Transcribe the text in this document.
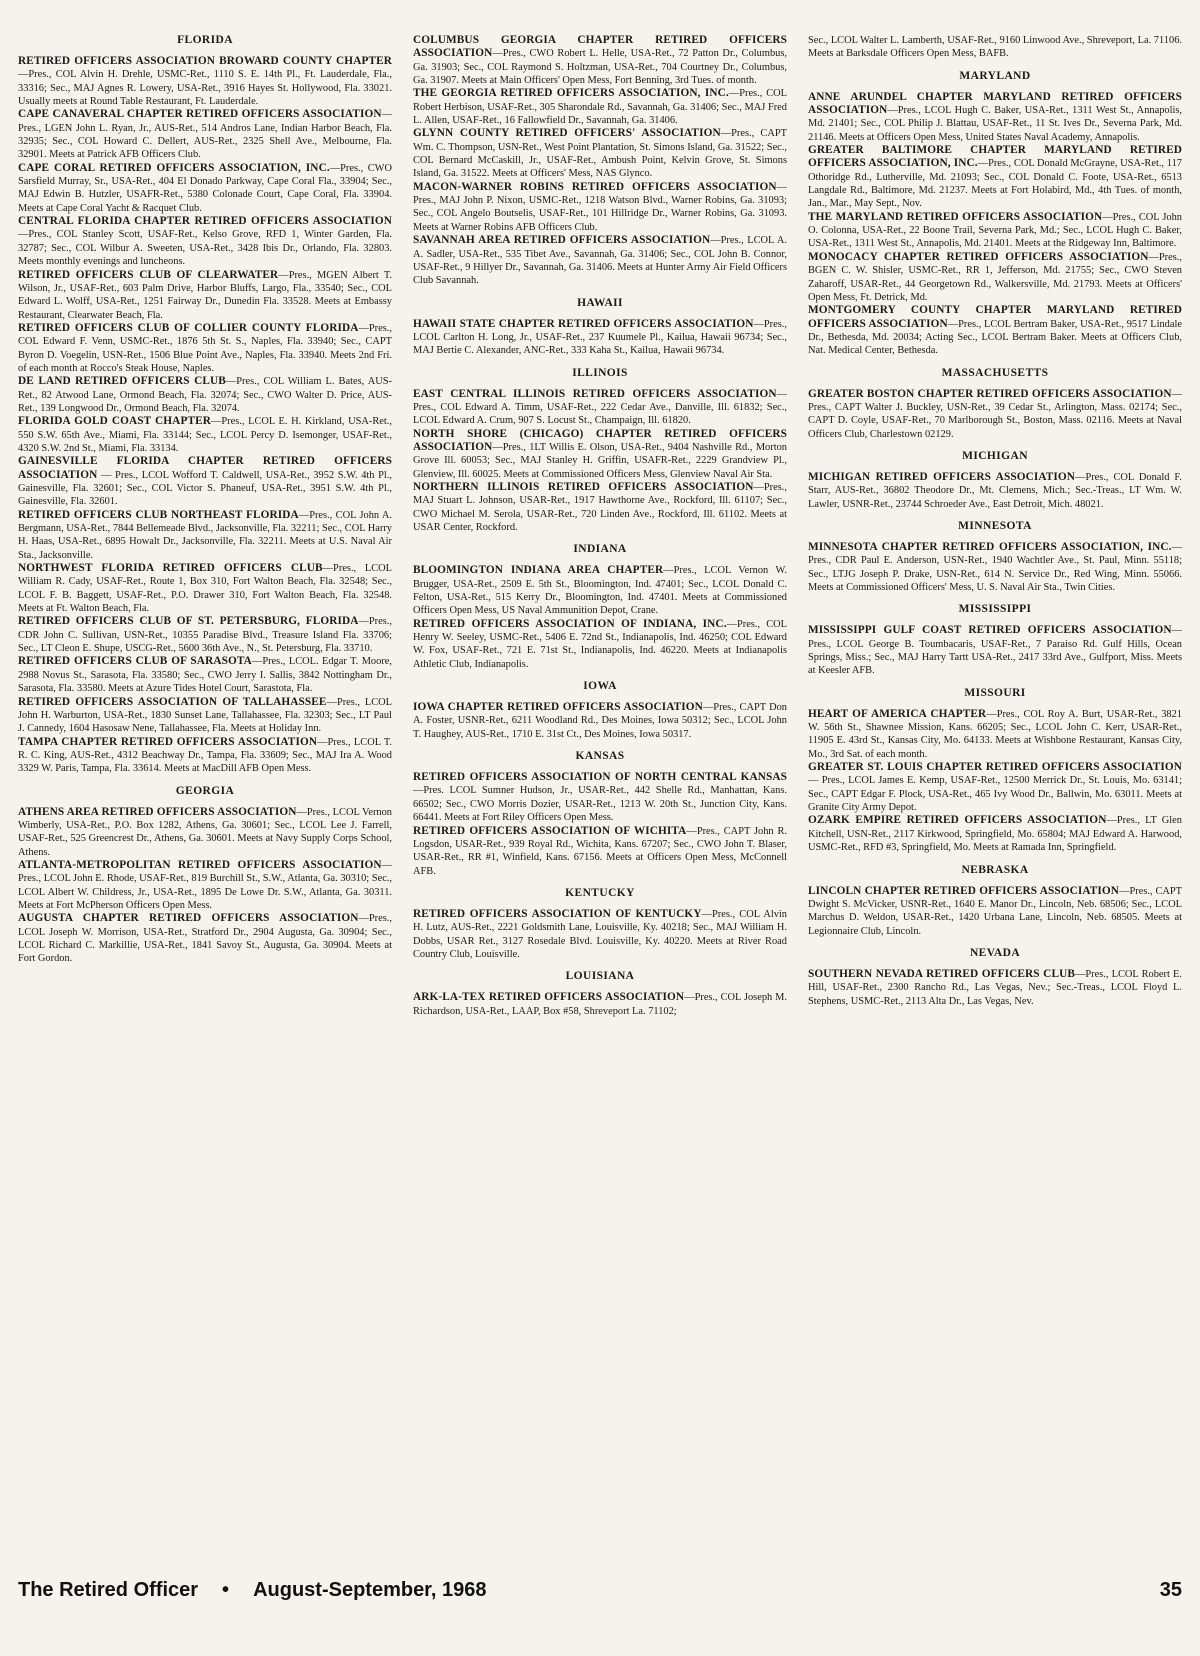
FLORIDA

RETIRED OFFICERS ASSOCIATION BROWARD COUNTY CHAPTER—Pres., COL Alvin H. Drehle, USMC-Ret., 1110 S. E. 14th Pl., Ft. Lauderdale, Fla., 33316; Sec., MAJ Agnes R. Lowery, USA-Ret., 3916 Hayes St. Hollywood, Fla. 33021. Usually meets at Round Table Restaurant, Ft. Lauderdale.

CAPE CANAVERAL CHAPTER RETIRED OFFICERS ASSOCIATION—Pres., LGEN John L. Ryan, Jr., AUS-Ret., 514 Andros Lane, Indian Harbor Beach, Fla. 32935; Sec., COL Howard C. Dellert, AUS-Ret., 2325 Shell Ave., Melbourne, Fla. 32901. Meets at Patrick AFB Officers Club.

CAPE CORAL RETIRED OFFICERS ASSOCIATION, INC.—Pres., CWO Sarsfield Murray, Sr., USA-Ret., 404 El Donado Parkway, Cape Coral Fla., 33904; Sec., MAJ Edwin B. Hutzler, USAFR-Ret., 5380 Colonade Court, Cape Coral, Fla. 33904. Meets at Cape Coral Yacht & Racquet Club.

CENTRAL FLORIDA CHAPTER RETIRED OFFICERS ASSOCIATION—Pres., COL Stanley Scott, USAF-Ret., Kelso Grove, RFD 1, Winter Garden, Fla. 32787; Sec., COL Wilbur A. Sweeten, USA-Ret., 3428 Ibis Dr., Orlando, Fla. 32803. Meets monthly evenings and luncheons.

RETIRED OFFICERS CLUB OF CLEARWATER—Pres., MGEN Albert T. Wilson, Jr., USAF-Ret., 603 Palm Drive, Harbor Bluffs, Largo, Fla., 33540; Sec., COL Edward L. Wolff, USA-Ret., 1251 Fairway Dr., Dunedin Fla. 33528. Meets at Embassy Restaurant, Clearwater Beach, Fla.

RETIRED OFFICERS CLUB OF COLLIER COUNTY FLORIDA—Pres., COL Edward F. Venn, USMC-Ret., 1876 5th St. S., Naples, Fla. 33940; Sec., CAPT Byron D. Voegelin, USN-Ret., 1506 Blue Point Ave., Naples, Fla. 33940. Meets 2nd Fri. of each month at Rocco's Steak House, Naples.

DE LAND RETIRED OFFICERS CLUB—Pres., COL William L. Bates, AUS-Ret., 82 Atwood Lane, Ormond Beach, Fla. 32074; Sec., CWO Walter D. Price, AUS-Ret., 139 Longwood Dr., Ormond Beach, Fla. 32074.

FLORIDA GOLD COAST CHAPTER—Pres., LCOL E. H. Kirkland, USA-Ret., 550 S.W. 65th Ave., Miami, Fla. 33144; Sec., LCOL Percy D. Isemonger, USAF-Ret., 4320 S.W. 2nd St., Miami, Fla. 33134.

GAINESVILLE FLORIDA CHAPTER RETIRED OFFICERS ASSOCIATION — Pres., LCOL Wofford T. Caldwell, USA-Ret., 3952 S.W. 4th Pl., Gainesville, Fla. 32601; Sec., COL Victor S. Phaneuf, USA-Ret., 3951 S.W. 4th Pl., Gainesville, Fla. 32601.

RETIRED OFFICERS CLUB NORTHEAST FLORIDA—Pres., COL John A. Bergmann, USA-Ret., 7844 Bellemeade Blvd., Jacksonville, Fla. 32211; Sec., COL Harry H. Haas, USA-Ret., 6895 Howalt Dr., Jacksonville, Fla. 32211. Meets at U.S. Naval Air Sta., Jacksonville.

NORTHWEST FLORIDA RETIRED OFFICERS CLUB—Pres., LCOL William R. Cady, USAF-Ret., Route 1, Box 310, Fort Walton Beach, Fla. 32548; Sec., LCOL F. B. Baggett, USAF-Ret., P.O. Drawer 310, Fort Walton Beach, Fla. 32548. Meets at Ft. Walton Beach, Fla.

RETIRED OFFICERS CLUB OF ST. PETERSBURG, FLORIDA—Pres., CDR John C. Sullivan, USN-Ret., 10355 Paradise Blvd., Treasure Island Fla. 33706; Sec., LT Cleon E. Shupe, USCG-Ret., 5600 36th Ave., N., St. Petersburg, Fla. 33710.

RETIRED OFFICERS CLUB OF SARASOTA—Pres., LCOL. Edgar T. Moore, 2988 Novus St., Sarasota, Fla. 33580; Sec., CWO Jerry I. Sallis, 3842 Nottingham Dr., Sarasota, Fla. 33580. Meets at Azure Tides Hotel Court, Sarastota, Fla.

RETIRED OFFICERS ASSOCIATION OF TALLAHASSEE—Pres., LCOL John H. Warburton, USA-Ret., 1830 Sunset Lane, Tallahassee, Fla. 32303; Sec., LT Paul J. Cannedy, 1604 Hasosaw Nene, Tallahassee, Fla. Meets at Holiday Inn.

TAMPA CHAPTER RETIRED OFFICERS ASSOCIATION—Pres., LCOL T. R. C. King, AUS-Ret., 4312 Beachway Dr., Tampa, Fla. 33609; Sec., MAJ Ira A. Wood 3329 W. Paris, Tampa, Fla. 33614. Meets at MacDill AFB Open Mess.

GEORGIA

ATHENS AREA RETIRED OFFICERS ASSOCIATION—Pres., LCOL Vernon Wimberly, USA-Ret., P.O. Box 1282, Athens, Ga. 30601; Sec., LCOL Lee J. Farrell, USAF-Ret., 525 Greencrest Dr., Athens, Ga. 30601. Meets at Navy Supply Corps School, Athens.

ATLANTA-METROPOLITAN RETIRED OFFICERS ASSOCIATION—Pres., LCOL John E. Rhode, USAF-Ret., 819 Burchill St., S.W., Atlanta, Ga. 30310; Sec., LCOL Albert W. Childress, Jr., USA-Ret., 1895 De Lowe Dr. S.W., Atlanta, Ga. 30311. Meets at Fort McPherson Officers Open Mess.

AUGUSTA CHAPTER RETIRED OFFICERS ASSOCIATION—Pres., LCOL Joseph W. Morrison, USA-Ret., Stratford Dr., 2904 Augusta, Ga. 30904; Sec., LCOL Richard C. Markillie, USA-Ret., 1841 Savoy St., Augusta, Ga. 30904. Meets at Fort Gordon.

COLUMBUS GEORGIA CHAPTER RETIRED OFFICERS ASSOCIATION—Pres., CWO Robert L. Helle, USA-Ret., 72 Patton Dr., Columbus, Ga. 31903; Sec., COL Raymond S. Holtzman, USA-Ret., 704 Courtney Dr., Columbus, Ga. 31907. Meets at Main Officers' Open Mess, Fort Benning, 3rd Tues. of month.

THE GEORGIA RETIRED OFFICERS ASSOCIATION, INC.—Pres., COL Robert Herbison, USAF-Ret., 305 Sharondale Rd., Savannah, Ga. 31406; Sec., MAJ Fred L. Allen, USAF-Ret., 16 Fallowfield Dr., Savannah, Ga. 31406.

GLYNN COUNTY RETIRED OFFICERS' ASSOCIATION—Pres., CAPT Wm. C. Thompson, USN-Ret., West Point Plantation, St. Simons Island, Ga. 31522; Sec., COL Bernard McCaskill, Jr., USAF-Ret., Ambush Point, Kelvin Grove, St. Simons Island, Ga. 31522. Meets at Officers' Mess, NAS Glynco.

MACON-WARNER ROBINS RETIRED OFFICERS ASSOCIATION—Pres., MAJ John P. Nixon, USMC-Ret., 1218 Watson Blvd., Warner Robins, Ga. 31093; Sec., COL Angelo Boutselis, USAF-Ret., 101 Hillridge Dr., Warner Robins, Ga. 31093. Meets at Warner Robins AFB Officers Club.

SAVANNAH AREA RETIRED OFFICERS ASSOCIATION—Pres., LCOL A. A. Sadler, USA-Ret., 535 Tibet Ave., Savannah, Ga. 31406; Sec., COL John B. Connor, USAF-Ret., 9 Hillyer Dr., Savannah, Ga. 31406. Meets at Hunter Army Air Field Officers Club Savannah.

HAWAII

HAWAII STATE CHAPTER RETIRED OFFICERS ASSOCIATION—Pres., LCOL Carlton H. Long, Jr., USAF-Ret., 237 Kuumele Pl., Kailua, Hawaii 96734; Sec., MAJ Bertie C. Alexander, ANC-Ret., 333 Kaha St., Kailua, Hawaii 96734.

ILLINOIS

EAST CENTRAL ILLINOIS RETIRED OFFICERS ASSOCIATION—Pres., COL Edward A. Timm, USAF-Ret., 222 Cedar Ave., Danville, Ill. 61832; Sec., LCOL Edward A. Crum, 907 S. Locust St., Champaign, Ill. 61820.

NORTH SHORE (CHICAGO) CHAPTER RETIRED OFFICERS ASSOCIATION—Pres., 1LT Willis E. Olson, USA-Ret., 9404 Nashville Rd., Morton Grove Ill. 60053; Sec., MAJ Stanley H. Griffin, USAFR-Ret., 2229 Grandview Pl., Glenview, Ill. 60025. Meets at Commissioned Officers Mess, Glenview Naval Air Sta.

NORTHERN ILLINOIS RETIRED OFFICERS ASSOCIATION—Pres., MAJ Stuart L. Johnson, USAR-Ret., 1917 Hawthorne Ave., Rockford, Ill. 61107; Sec., CWO Michael M. Serola, USAR-Ret., 720 Linden Ave., Rockford, Ill. 61102. Meets at USAR Center, Rockford.

INDIANA

BLOOMINGTON INDIANA AREA CHAPTER—Pres., LCOL Vernon W. Brugger, USA-Ret., 2509 E. 5th St., Bloomington, Ind. 47401; Sec., LCOL Donald C. Felton, USA-Ret., 515 Kerry Dr., Bloomington, Ind. 47401. Meets at Commissioned Officers Open Mess, US Naval Ammunition Depot, Crane.

RETIRED OFFICERS ASSOCIATION OF INDIANA, INC.—Pres., COL Henry W. Seeley, USMC-Ret., 5406 E. 72nd St., Indianapolis, Ind. 46250; COL Edward W. Fox, USAF-Ret., 721 E. 71st St., Indianapolis, Ind. 46220. Meets at Indianapolis Athletic Club, Indianapolis.

IOWA

IOWA CHAPTER RETIRED OFFICERS ASSOCIATION—Pres., CAPT Don A. Foster, USNR-Ret., 6211 Woodland Rd., Des Moines, Iowa 50312; Sec., LCOL John T. Haughey, AUS-Ret., 1710 E. 31st Ct., Des Moines, Iowa 50317.

KANSAS

RETIRED OFFICERS ASSOCIATION OF NORTH CENTRAL KANSAS—Pres. LCOL Sumner Hudson, Jr., USAR-Ret., 442 Shelle Rd., Manhattan, Kans. 66502; Sec., CWO Morris Dozier, USAR-Ret., 1213 W. 20th St., Junction City, Kans. 66441. Meets at Fort Riley Officers Open Mess.

RETIRED OFFICERS ASSOCIATION OF WICHITA—Pres., CAPT John R. Logsdon, USAR-Ret., 939 Royal Rd., Wichita, Kans. 67207; Sec., CWO John T. Blaser, USAR-Ret., RR #1, Winfield, Kans. 67156. Meets at Officers Open Mess, McConnell AFB.

KENTUCKY

RETIRED OFFICERS ASSOCIATION OF KENTUCKY—Pres., COL Alvin H. Lutz, AUS-Ret., 2221 Goldsmith Lane, Louisville, Ky. 40218; Sec., MAJ William H. Dobbs, USAR Ret., 3127 Rosedale Blvd. Louisville, Ky. 40220. Meets at River Road Country Club, Louisville.

LOUISIANA

ARK-LA-TEX RETIRED OFFICERS ASSOCIATION—Pres., COL Joseph M. Richardson, USA-Ret., LAAP, Box #58, Shreveport La. 71102;

Sec., LCOL Walter L. Lamberth, USAF-Ret., 9160 Linwood Ave., Shreveport, La. 71106. Meets at Barksdale Officers Open Mess, BAFB.

MARYLAND

ANNE ARUNDEL CHAPTER MARYLAND RETIRED OFFICERS ASSOCIATION—Pres., LCOL Hugh C. Baker, USA-Ret., 1311 West St., Annapolis, Md. 21401; Sec., COL Philip J. Blattau, USAF-Ret., 11 St. Ives Dr., Severna Park, Md. 21146. Meets at Officers Open Mess, United States Naval Academy, Annapolis.

GREATER BALTIMORE CHAPTER MARYLAND RETIRED OFFICERS ASSOCIATION, INC.—Pres., COL Donald McGrayne, USA-Ret., 117 Othoridge Rd., Lutherville, Md. 21093; Sec., COL Donald C. Foote, USA-Ret., 6513 Langdale Rd., Baltimore, Md. 21237. Meets at Fort Holabird, Md., 4th Tues. of month, Jan., Mar., May Sept., Nov.

THE MARYLAND RETIRED OFFICERS ASSOCIATION—Pres., COL John O. Colonna, USA-Ret., 22 Boone Trail, Severna Park, Md.; Sec., LCOL Hugh C. Baker, USA-Ret., 1311 West St., Annapolis, Md. 21401. Meets at the Ridgeway Inn, Baltimore.

MONOCACY CHAPTER RETIRED OFFICERS ASSOCIATION—Pres., BGEN C. W. Shisler, USMC-Ret., RR 1, Jefferson, Md. 21755; Sec., CWO Steven Zaharoff, USAR-Ret., 44 Georgetown Rd., Walkersville, Md. 21793. Meets at Officers' Open Mess, Ft. Detrick, Md.

MONTGOMERY COUNTY CHAPTER MARYLAND RETIRED OFFICERS ASSOCIATION—Pres., LCOL Bertram Baker, USA-Ret., 9517 Lindale Dr., Bethesda, Md. 20034; Acting Sec., LCOL Bertram Baker. Meets at Officers Club, Nat. Medical Center, Bethesda.

MASSACHUSETTS

GREATER BOSTON CHAPTER RETIRED OFFICERS ASSOCIATION—Pres., CAPT Walter J. Buckley, USN-Ret., 39 Cedar St., Arlington, Mass. 02174; Sec., CAPT D. Coyle, USAF-Ret., 70 Marlborough St., Boston, Mass. 02116. Meets at Naval Officers Club, Charlestown 02129.

MICHIGAN

MICHIGAN RETIRED OFFICERS ASSOCIATION—Pres., COL Donald F. Starr, AUS-Ret., 36802 Theodore Dr., Mt. Clemens, Mich.; Sec.-Treas., LT Wm. W. Lawler, USNR-Ret., 23744 Schroeder Ave., East Detroit, Mich. 48021.

MINNESOTA

MINNESOTA CHAPTER RETIRED OFFICERS ASSOCIATION, INC.—Pres., CDR Paul E. Anderson, USN-Ret., 1940 Wachtler Ave., St. Paul, Minn. 55118; Sec., LTJG Joseph P. Drake, USN-Ret., 614 N. Service Dr., Red Wing, Minn. 55066. Meets at Commissioned Officers' Mess, U. S. Naval Air Sta., Twin Cities.

MISSISSIPPI

MISSISSIPPI GULF COAST RETIRED OFFICERS ASSOCIATION—Pres., LCOL George B. Toumbacaris, USAF-Ret., 7 Paraiso Rd. Gulf Hills, Ocean Springs, Miss.; Sec., MAJ Harry Tartt USA-Ret., 2417 33rd Ave., Gulfport, Miss. Meets at Keesler AFB.

MISSOURI

HEART OF AMERICA CHAPTER—Pres., COL Roy A. Burt, USAR-Ret., 3821 W. 56th St., Shawnee Mission, Kans. 66205; Sec., LCOL John C. Kerr, USAR-Ret., 11905 E. 43rd St., Kansas City, Mo. 64133. Meets at Wishbone Restaurant, Kansas City, Mo., 3rd Sat. of each month.

GREATER ST. LOUIS CHAPTER RETIRED OFFICERS ASSOCIATION — Pres., LCOL James E. Kemp, USAF-Ret., 12500 Merrick Dr., St. Louis, Mo. 63141; Sec., CAPT Edgar F. Plock, USA-Ret., 465 Ivy Wood Dr., Ballwin, Mo. 63011. Meets at Granite City Army Depot.

OZARK EMPIRE RETIRED OFFICERS ASSOCIATION—Pres., LT Glen Kitchell, USN-Ret., 2117 Kirkwood, Springfield, Mo. 65804; MAJ Edward A. Harwood, USMC-Ret., RFD #3, Springfield, Mo. Meets at Ramada Inn, Springfield.

NEBRASKA

LINCOLN CHAPTER RETIRED OFFICERS ASSOCIATION—Pres., CAPT Dwight S. McVicker, USNR-Ret., 1640 E. Manor Dr., Lincoln, Neb. 68506; Sec., LCOL Marchus D. Weldon, USAR-Ret., 1420 Urbana Lane, Lincoln, Neb. 68505. Meets at Legionnaire Club, Lincoln.

NEVADA

SOUTHERN NEVADA RETIRED OFFICERS CLUB—Pres., LCOL Robert E. Hill, USAF-Ret., 2300 Rancho Rd., Las Vegas, Nev.; Sec.-Treas., LCOL Floyd L. Stephens, USMC-Ret., 2113 Alta Dr., Las Vegas, Nev.

The Retired Officer • August-September, 1968	35
